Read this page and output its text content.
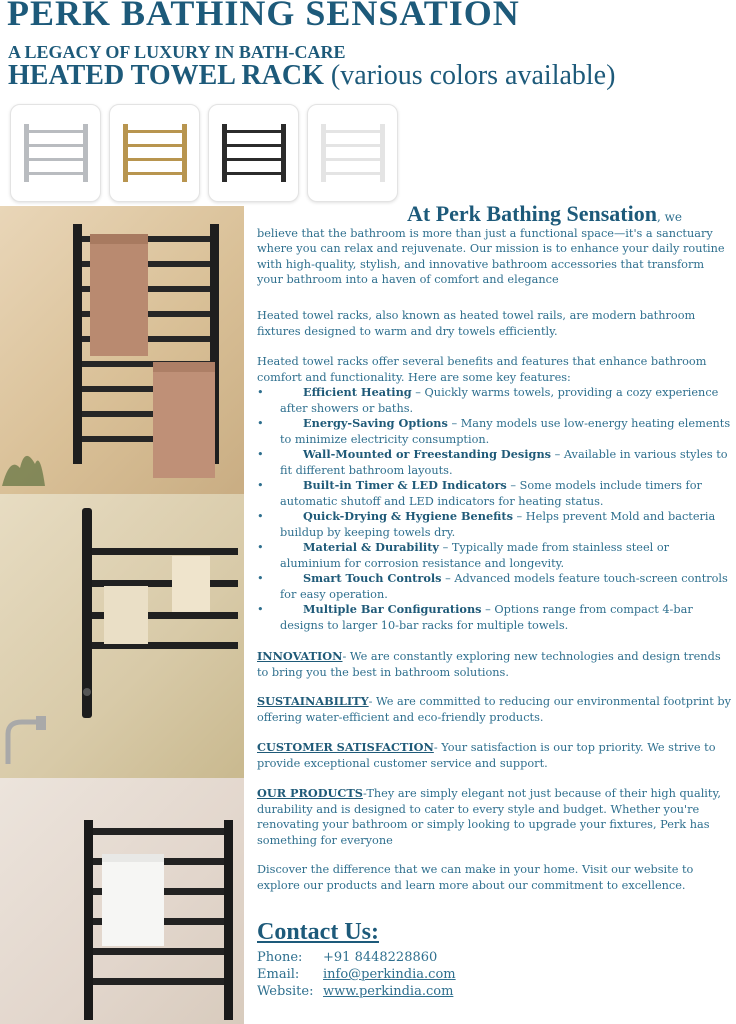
PERK BATHING SENSATION
A LEGACY OF LUXURY IN BATH-CARE
HEATED TOWEL RACK (various colors available)
At Perk Bathing Sensation, we
believe that the bathroom is more than just a functional space—it's a sanctuary where you can relax and rejuvenate. Our mission is to enhance your daily routine with high-quality, stylish, and innovative bathroom accessories that transform your bathroom into a haven of comfort and elegance
Heated towel racks, also known as heated towel rails, are modern bathroom fixtures designed to warm and dry towels efficiently.
Heated towel racks offer several benefits and features that enhance bathroom comfort and functionality. Here are some key features:
• Efficient Heating – Quickly warms towels, providing a cozy experience after showers or baths.
• Energy-Saving Options – Many models use low-energy heating elements to minimize electricity consumption.
• Wall-Mounted or Freestanding Designs – Available in various styles to fit different bathroom layouts.
• Built-in Timer & LED Indicators – Some models include timers for automatic shutoff and LED indicators for heating status.
• Quick-Drying & Hygiene Benefits – Helps prevent Mold and bacteria buildup by keeping towels dry.
• Material & Durability – Typically made from stainless steel or aluminium for corrosion resistance and longevity.
• Smart Touch Controls – Advanced models feature touch-screen controls for easy operation.
• Multiple Bar Configurations – Options range from compact 4-bar designs to larger 10-bar racks for multiple towels.
INNOVATION- We are constantly exploring new technologies and design trends to bring you the best in bathroom solutions.
SUSTAINABILITY- We are committed to reducing our environmental footprint by offering water-efficient and eco-friendly products.
CUSTOMER SATISFACTION- Your satisfaction is our top priority. We strive to provide exceptional customer service and support.
OUR PRODUCTS-They are simply elegant not just because of their high quality, durability and is designed to cater to every style and budget. Whether you're renovating your bathroom or simply looking to upgrade your fixtures, Perk has something for everyone
Discover the difference that we can make in your home. Visit our website to explore our products and learn more about our commitment to excellence.
Contact Us:
Phone: +91 8448228860
Email: info@perkindia.com
Website: www.perkindia.com
